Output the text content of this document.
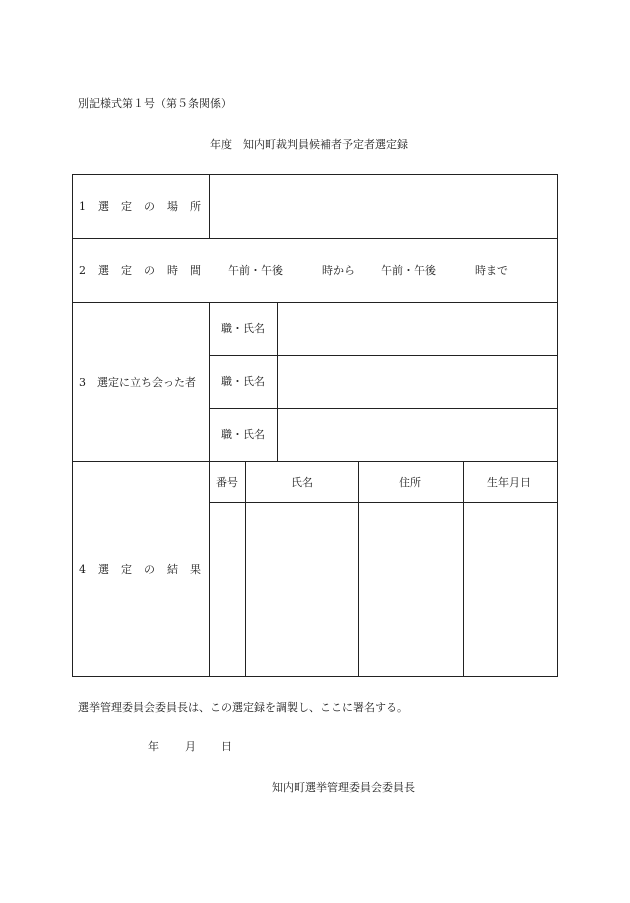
別記様式第１号（第５条関係）
年度　知内町裁判員候補者予定者選定録
1 選 定 の 場 所
2 選 定 の 時 間 午前・午後	時から 午前・午後	時まで
3　選定に立ち会った者
職・氏名
職・氏名
職・氏名
4 選 定 の 結 果
番号	氏名	住所	生年月日
選挙管理委員会委員長は、この選定録を調製し、ここに署名する。
年 月 日
知内町選挙管理委員会委員長
